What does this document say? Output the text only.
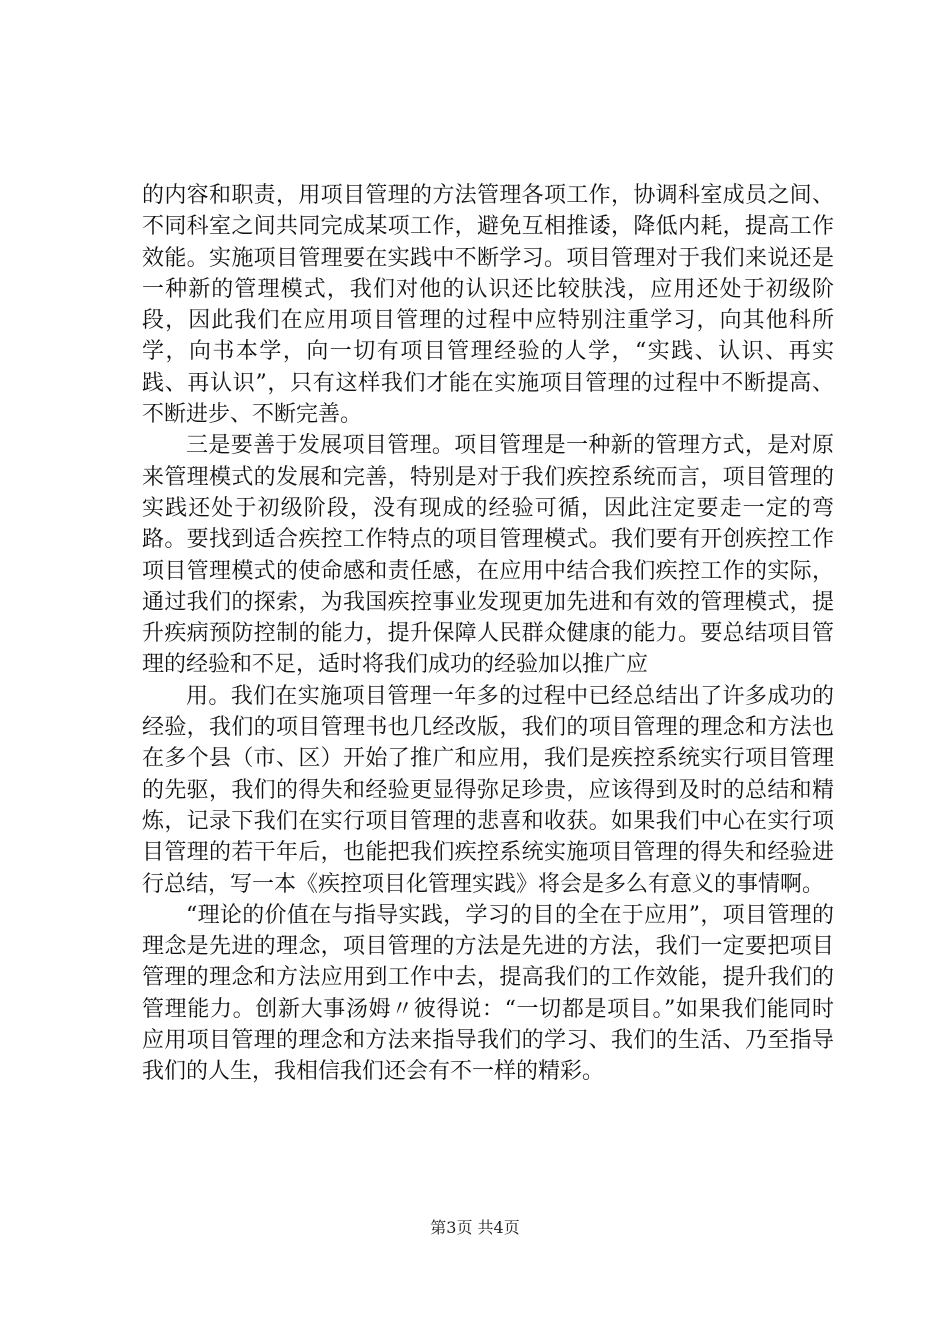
的内容和职责，用项目管理的方法管理各项工作，协调科室成员之间、不同科室之间共同完成某项工作，避免互相推诿，降低内耗，提高工作效能。实施项目管理要在实践中不断学习。项目管理对于我们来说还是一种新的管理模式，我们对他的认识还比较肤浅，应用还处于初级阶段，因此我们在应用项目管理的过程中应特别注重学习，向其他科所学，向书本学，向一切有项目管理经验的人学，“实践、认识、再实践、再认识”，只有这样我们才能在实施项目管理的过程中不断提高、不断进步、不断完善。

三是要善于发展项目管理。项目管理是一种新的管理方式，是对原来管理模式的发展和完善，特别是对于我们疾控系统而言，项目管理的实践还处于初级阶段，没有现成的经验可循，因此注定要走一定的弯路。要找到适合疾控工作特点的项目管理模式。我们要有开创疾控工作项目管理模式的使命感和责任感，在应用中结合我们疾控工作的实际，通过我们的探索，为我国疾控事业发现更加先进和有效的管理模式，提升疾病预防控制的能力，提升保障人民群众健康的能力。要总结项目管理的经验和不足，适时将我们成功的经验加以推广应

用。我们在实施项目管理一年多的过程中已经总结出了许多成功的经验，我们的项目管理书也几经改版，我们的项目管理的理念和方法也在多个县（市、区）开始了推广和应用，我们是疾控系统实行项目管理的先驱，我们的得失和经验更显得弥足珍贵，应该得到及时的总结和精炼，记录下我们在实行项目管理的悲喜和收获。如果我们中心在实行项目管理的若干年后，也能把我们疾控系统实施项目管理的得失和经验进行总结，写一本《疾控项目化管理实践》将会是多么有意义的事情啊。

“理论的价值在与指导实践，学习的目的全在于应用”，项目管理的理念是先进的理念，项目管理的方法是先进的方法，我们一定要把项目管理的理念和方法应用到工作中去，提高我们的工作效能，提升我们的管理能力。创新大事汤姆〃彼得说：“一切都是项目。”如果我们能同时应用项目管理的理念和方法来指导我们的学习、我们的生活、乃至指导我们的人生，我相信我们还会有不一样的精彩。

第3页 共4页
